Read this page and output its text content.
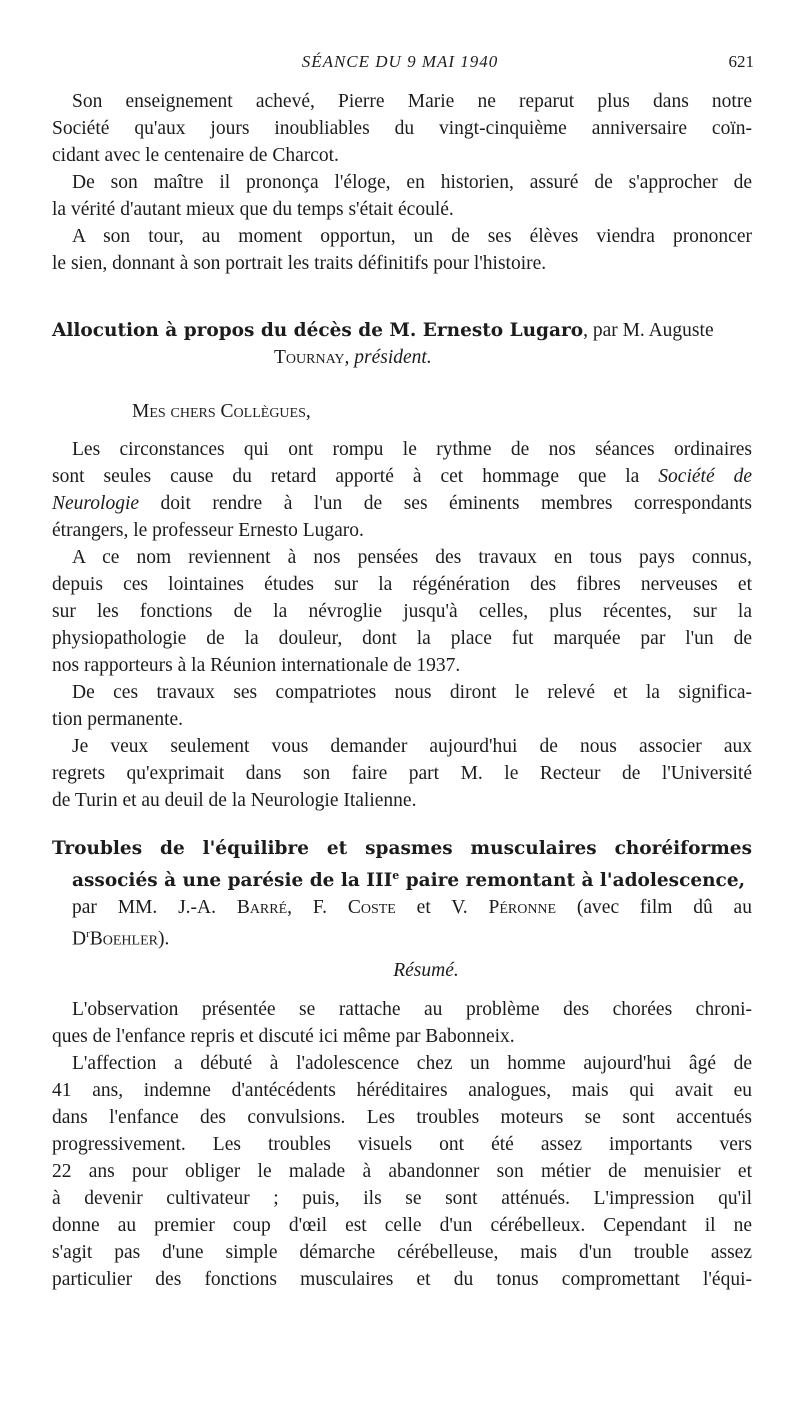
SÉANCE DU 9 MAI 1940	621

Son enseignement achevé, Pierre Marie ne reparut plus dans notre
Société qu'aux jours inoubliables du vingt-cinquième anniversaire coïn-
cidant avec le centenaire de Charcot.

De son maître il prononça l'éloge, en historien, assuré de s'approcher de
la vérité d'autant mieux que du temps s'était écoulé.

A son tour, au moment opportun, un de ses élèves viendra prononcer
le sien, donnant à son portrait les traits définitifs pour l'histoire.

Allocution à propos du décès de M. Ernesto Lugaro, par M. Auguste
Tournay, président.

Mes chers Collègues,

Les circonstances qui ont rompu le rythme de nos séances ordinaires
sont seules cause du retard apporté à cet hommage que la Société de
Neurologie doit rendre à l'un de ses éminents membres correspondants
étrangers, le professeur Ernesto Lugaro.

A ce nom reviennent à nos pensées des travaux en tous pays connus,
depuis ces lointaines études sur la régénération des fibres nerveuses et
sur les fonctions de la névroglie jusqu'à celles, plus récentes, sur la
physiopathologie de la douleur, dont la place fut marquée par l'un de
nos rapporteurs à la Réunion internationale de 1937.

De ces travaux ses compatriotes nous diront le relevé et la significa-
tion permanente.

Je veux seulement vous demander aujourd'hui de nous associer aux
regrets qu'exprimait dans son faire part M. le Recteur de l'Université
de Turin et au deuil de la Neurologie Italienne.

Troubles de l'équilibre et spasmes musculaires choréiformes
associés à une parésie de la IIIe paire remontant à l'adolescence,
par MM. J.-A. Barré, F. Coste et V. Péronne (avec film dû au
$D^rBoehler$).

Résumé.

L'observation présentée se rattache au problème des chorées chroni-
ques de l'enfance repris et discuté ici même par Babonneix.

L'affection a débuté à l'adolescence chez un homme aujourd'hui âgé de
41 ans, indemne d'antécédents héréditaires analogues, mais qui avait eu
dans l'enfance des convulsions. Les troubles moteurs se sont accentués
progressivement. Les troubles visuels ont été assez importants vers
22 ans pour obliger le malade à abandonner son métier de menuisier et
à devenir cultivateur ; puis, ils se sont atténués. L'impression qu'il
donne au premier coup d'œil est celle d'un cérébelleux. Cependant il ne
s'agit pas d'une simple démarche cérébelleuse, mais d'un trouble assez
particulier des fonctions musculaires et du tonus compromettant l'équi-
